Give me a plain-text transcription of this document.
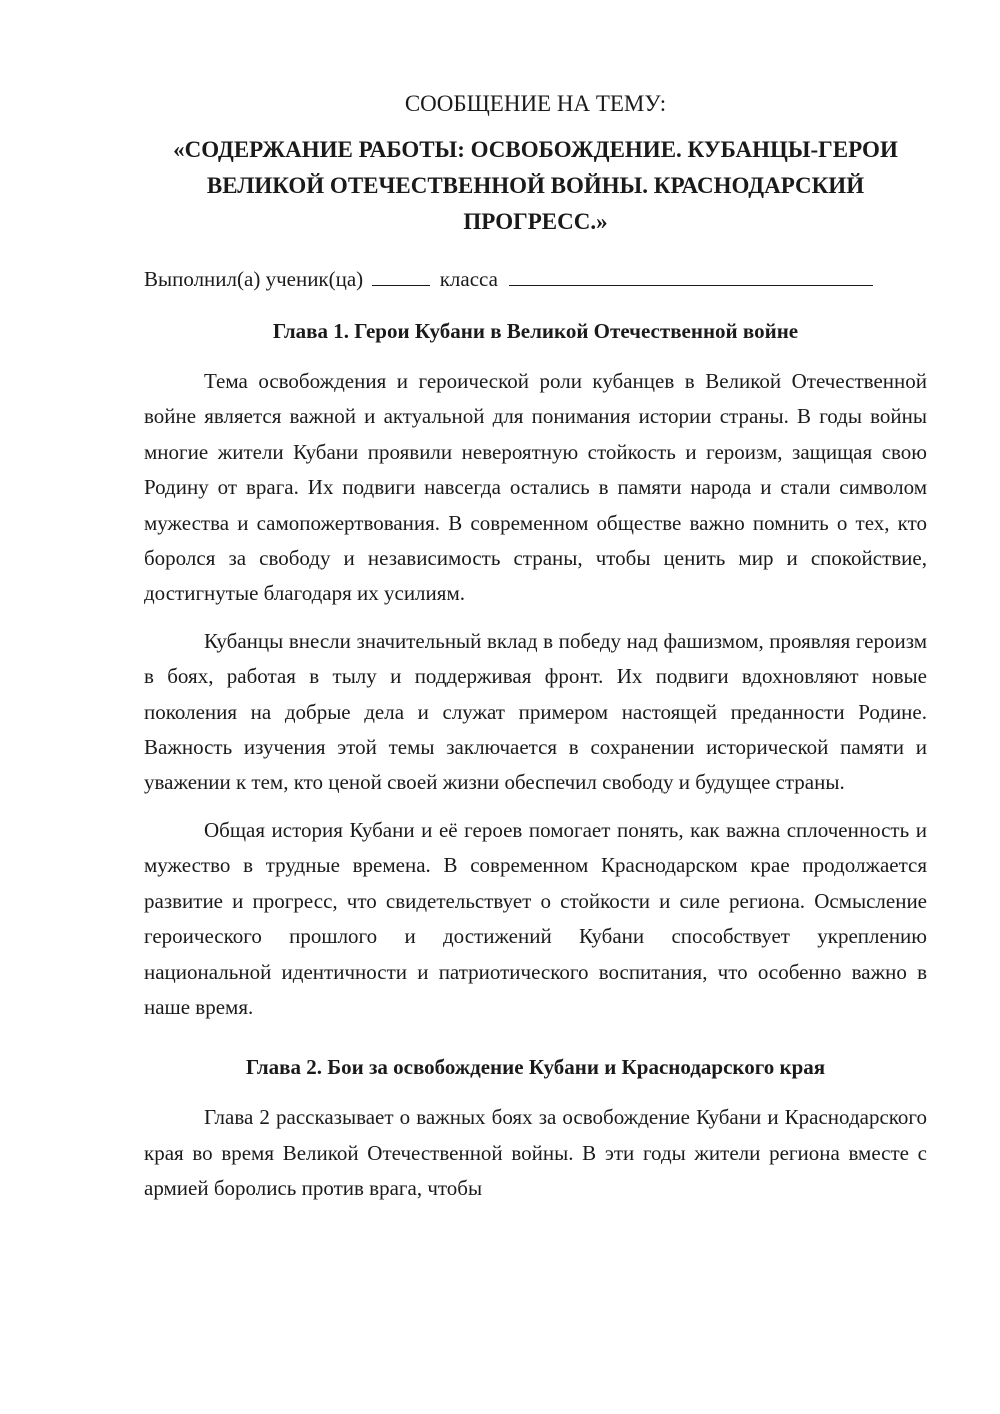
СООБЩЕНИЕ НА ТЕМУ:
«СОДЕРЖАНИЕ РАБОТЫ: ОСВОБОЖДЕНИЕ. КУБАНЦЫ-ГЕРОИ ВЕЛИКОЙ ОТЕЧЕСТВЕННОЙ ВОЙНЫ. КРАСНОДАРСКИЙ ПРОГРЕСС.»
Выполнил(а) ученик(ца)	класса
Глава 1. Герои Кубани в Великой Отечественной войне

Тема освобождения и героической роли кубанцев в Великой Отечественной войне является важной и актуальной для понимания истории страны. В годы войны многие жители Кубани проявили невероятную стойкость и героизм, защищая свою Родину от врага. Их подвиги навсегда остались в памяти народа и стали символом мужества и самопожертвования. В современном обществе важно помнить о тех, кто боролся за свободу и независимость страны, чтобы ценить мир и спокойствие, достигнутые благодаря их усилиям.

Кубанцы внесли значительный вклад в победу над фашизмом, проявляя героизм в боях, работая в тылу и поддерживая фронт. Их подвиги вдохновляют новые поколения на добрые дела и служат примером настоящей преданности Родине. Важность изучения этой темы заключается в сохранении исторической памяти и уважении к тем, кто ценой своей жизни обеспечил свободу и будущее страны.

Общая история Кубани и её героев помогает понять, как важна сплоченность и мужество в трудные времена. В современном Краснодарском крае продолжается развитие и прогресс, что свидетельствует о стойкости и силе региона. Осмысление героического прошлого и достижений Кубани способствует укреплению национальной идентичности и патриотического воспитания, что особенно важно в наше время.

Глава 2. Бои за освобождение Кубани и Краснодарского края

Глава 2 рассказывает о важных боях за освобождение Кубани и Краснодарского края во время Великой Отечественной войны. В эти годы жители региона вместе с армией боролись против врага, чтобы
